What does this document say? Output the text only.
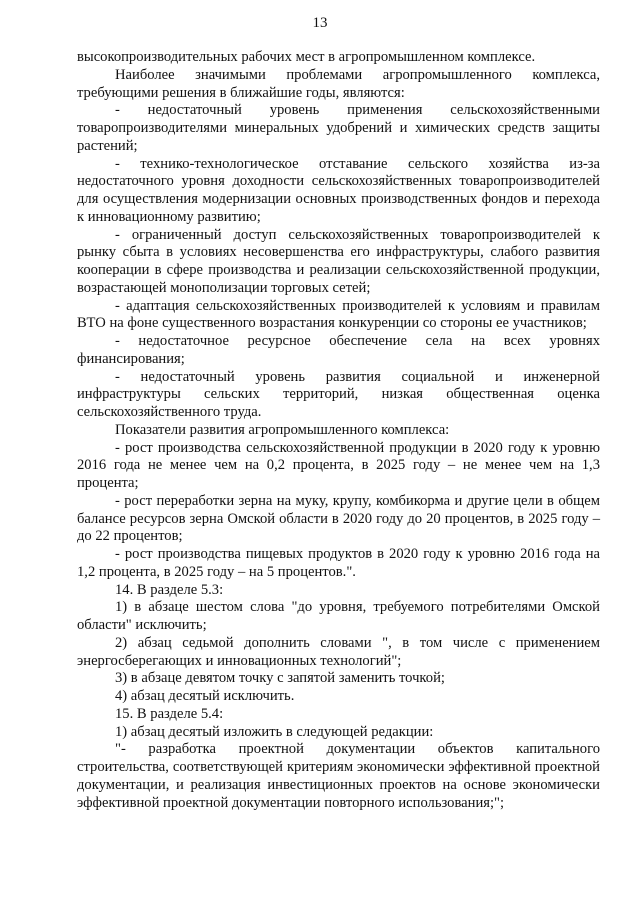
13

высокопроизводительных рабочих мест в агропромышленном комплексе.

Наиболее значимыми проблемами агропромышленного комплекса, требующими решения в ближайшие годы, являются:

- недостаточный уровень применения сельскохозяйственными товаропроизводителями минеральных удобрений и химических средств защиты растений;

- технико-технологическое отставание сельского хозяйства из-за недостаточного уровня доходности сельскохозяйственных товаропроизводителей для осуществления модернизации основных производственных фондов и перехода к инновационному развитию;

- ограниченный доступ сельскохозяйственных товаропроизводителей к рынку сбыта в условиях несовершенства его инфраструктуры, слабого развития кооперации в сфере производства и реализации сельскохозяйственной продукции, возрастающей монополизации торговых сетей;

- адаптация сельскохозяйственных производителей к условиям и правилам ВТО на фоне существенного возрастания конкуренции со стороны ее участников;

- недостаточное ресурсное обеспечение села на всех уровнях финансирования;

- недостаточный уровень развития социальной и инженерной инфраструктуры сельских территорий, низкая общественная оценка сельскохозяйственного труда.

Показатели развития агропромышленного комплекса:

- рост производства сельскохозяйственной продукции в 2020 году к уровню 2016 года не менее чем на 0,2 процента, в 2025 году – не менее чем на 1,3 процента;

- рост переработки зерна на муку, крупу, комбикорма и другие цели в общем балансе ресурсов зерна Омской области в 2020 году до 20 процентов, в 2025 году – до 22 процентов;

- рост производства пищевых продуктов в 2020 году к уровню 2016 года на 1,2 процента, в 2025 году – на 5 процентов.".

14. В разделе 5.3:

1) в абзаце шестом слова "до уровня, требуемого потребителями Омской области" исключить;

2) абзац седьмой дополнить словами ", в том числе с применением энергосберегающих и инновационных технологий";

3) в абзаце девятом точку с запятой заменить точкой;

4) абзац десятый исключить.

15. В разделе 5.4:

1) абзац десятый изложить в следующей редакции:

"- разработка проектной документации объектов капитального строительства, соответствующей критериям экономически эффективной проектной документации, и реализация инвестиционных проектов на основе экономически эффективной проектной документации повторного использования;";
